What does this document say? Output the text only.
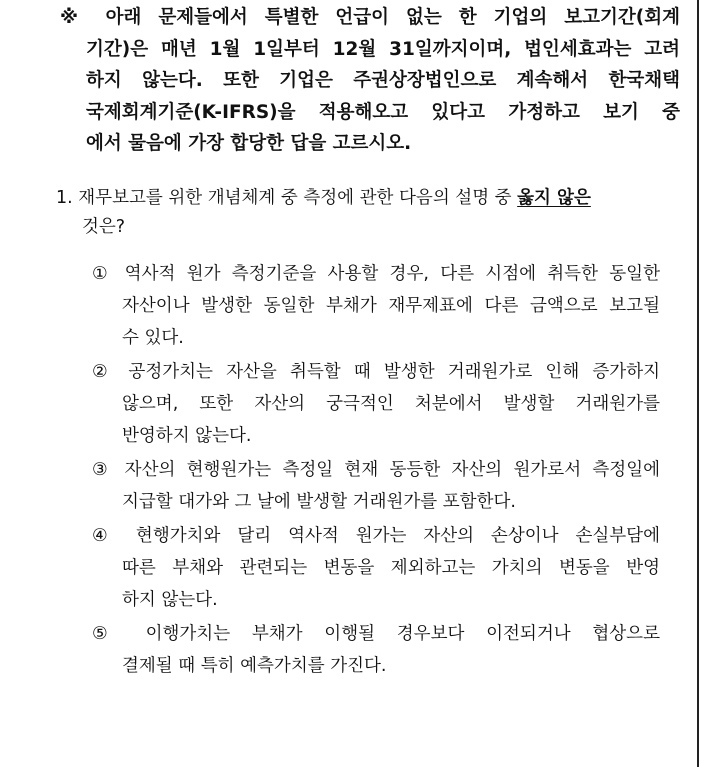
※ 아래 문제들에서 특별한 언급이 없는 한 기업의 보고기간(회계
기간)은 매년 1월 1일부터 12월 31일까지이며, 법인세효과는 고려
하지 않는다. 또한 기업은 주권상장법인으로 계속해서 한국채택
국제회계기준(K-IFRS)을 적용해오고 있다고 가정하고 보기 중
에서 물음에 가장 합당한 답을 고르시오.
1. 재무보고를 위한 개념체계 중 측정에 관한 다음의 설명 중 옳지 않은
것은?
① 역사적 원가 측정기준을 사용할 경우, 다른 시점에 취득한 동일한
자산이나 발생한 동일한 부채가 재무제표에 다른 금액으로 보고될
수 있다.
② 공정가치는 자산을 취득할 때 발생한 거래원가로 인해 증가하지
않으며, 또한 자산의 궁극적인 처분에서 발생할 거래원가를
반영하지 않는다.
③ 자산의 현행원가는 측정일 현재 동등한 자산의 원가로서 측정일에
지급할 대가와 그 날에 발생할 거래원가를 포함한다.
④ 현행가치와 달리 역사적 원가는 자산의 손상이나 손실부담에
따른 부채와 관련되는 변동을 제외하고는 가치의 변동을 반영
하지 않는다.
⑤ 이행가치는 부채가 이행될 경우보다 이전되거나 협상으로
결제될 때 특히 예측가치를 가진다.
